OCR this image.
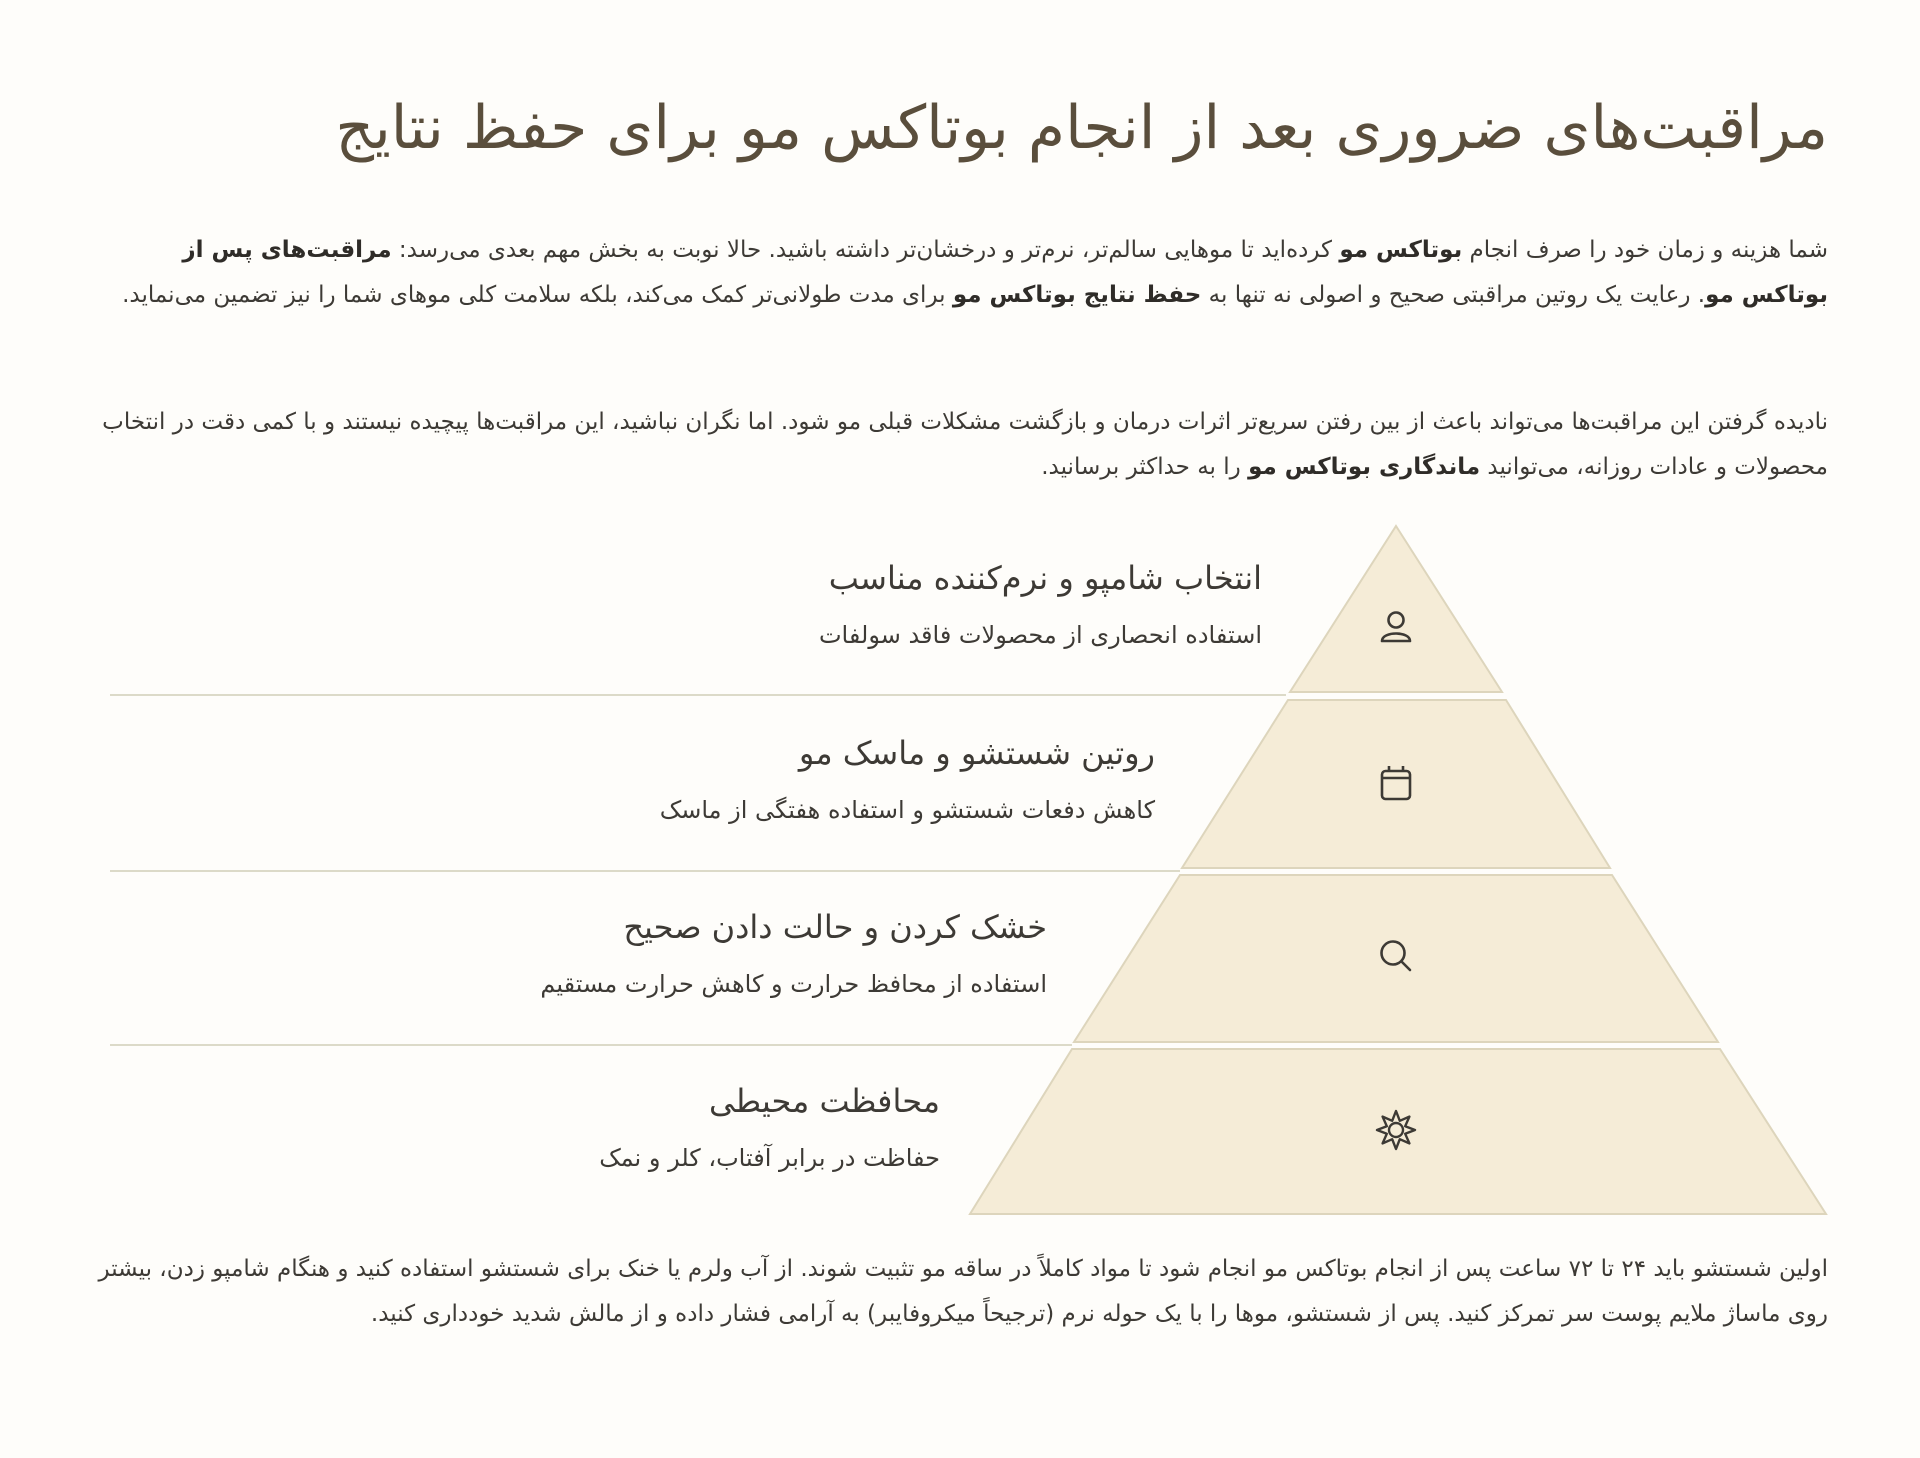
مراقبت‌های ضروری بعد از انجام بوتاکس مو برای حفظ نتایج

شما هزینه و زمان خود را صرف انجام بوتاکس مو کرده‌اید تا موهایی سالم‌تر، نرم‌تر و درخشان‌تر داشته باشید. حالا نوبت به بخش مهم بعدی می‌رسد: مراقبت‌های پس از بوتاکس مو. رعایت یک روتین مراقبتی صحیح و اصولی نه تنها به حفظ نتایج بوتاکس مو برای مدت طولانی‌تر کمک می‌کند، بلکه سلامت کلی موهای شما را نیز تضمین می‌نماید.

نادیده گرفتن این مراقبت‌ها می‌تواند باعث از بین رفتن سریع‌تر اثرات درمان و بازگشت مشکلات قبلی مو شود. اما نگران نباشید، این مراقبت‌ها پیچیده نیستند و با کمی دقت در انتخاب محصولات و عادات روزانه، می‌توانید ماندگاری بوتاکس مو را به حداکثر برسانید.

انتخاب شامپو و نرم‌کننده مناسب

استفاده انحصاری از محصولات فاقد سولفات

روتین شستشو و ماسک مو

کاهش دفعات شستشو و استفاده هفتگی از ماسک

خشک کردن و حالت دادن صحیح

استفاده از محافظ حرارت و کاهش حرارت مستقیم

محافظت محیطی

حفاظت در برابر آفتاب، کلر و نمک

اولین شستشو باید ۲۴ تا ۷۲ ساعت پس از انجام بوتاکس مو انجام شود تا مواد کاملاً در ساقه مو تثبیت شوند. از آب ولرم یا خنک برای شستشو استفاده کنید و هنگام شامپو زدن، بیشتر روی ماساژ ملایم پوست سر تمرکز کنید. پس از شستشو، موها را با یک حوله نرم (ترجیحاً میکروفایبر) به آرامی فشار داده و از مالش شدید خودداری کنید.
